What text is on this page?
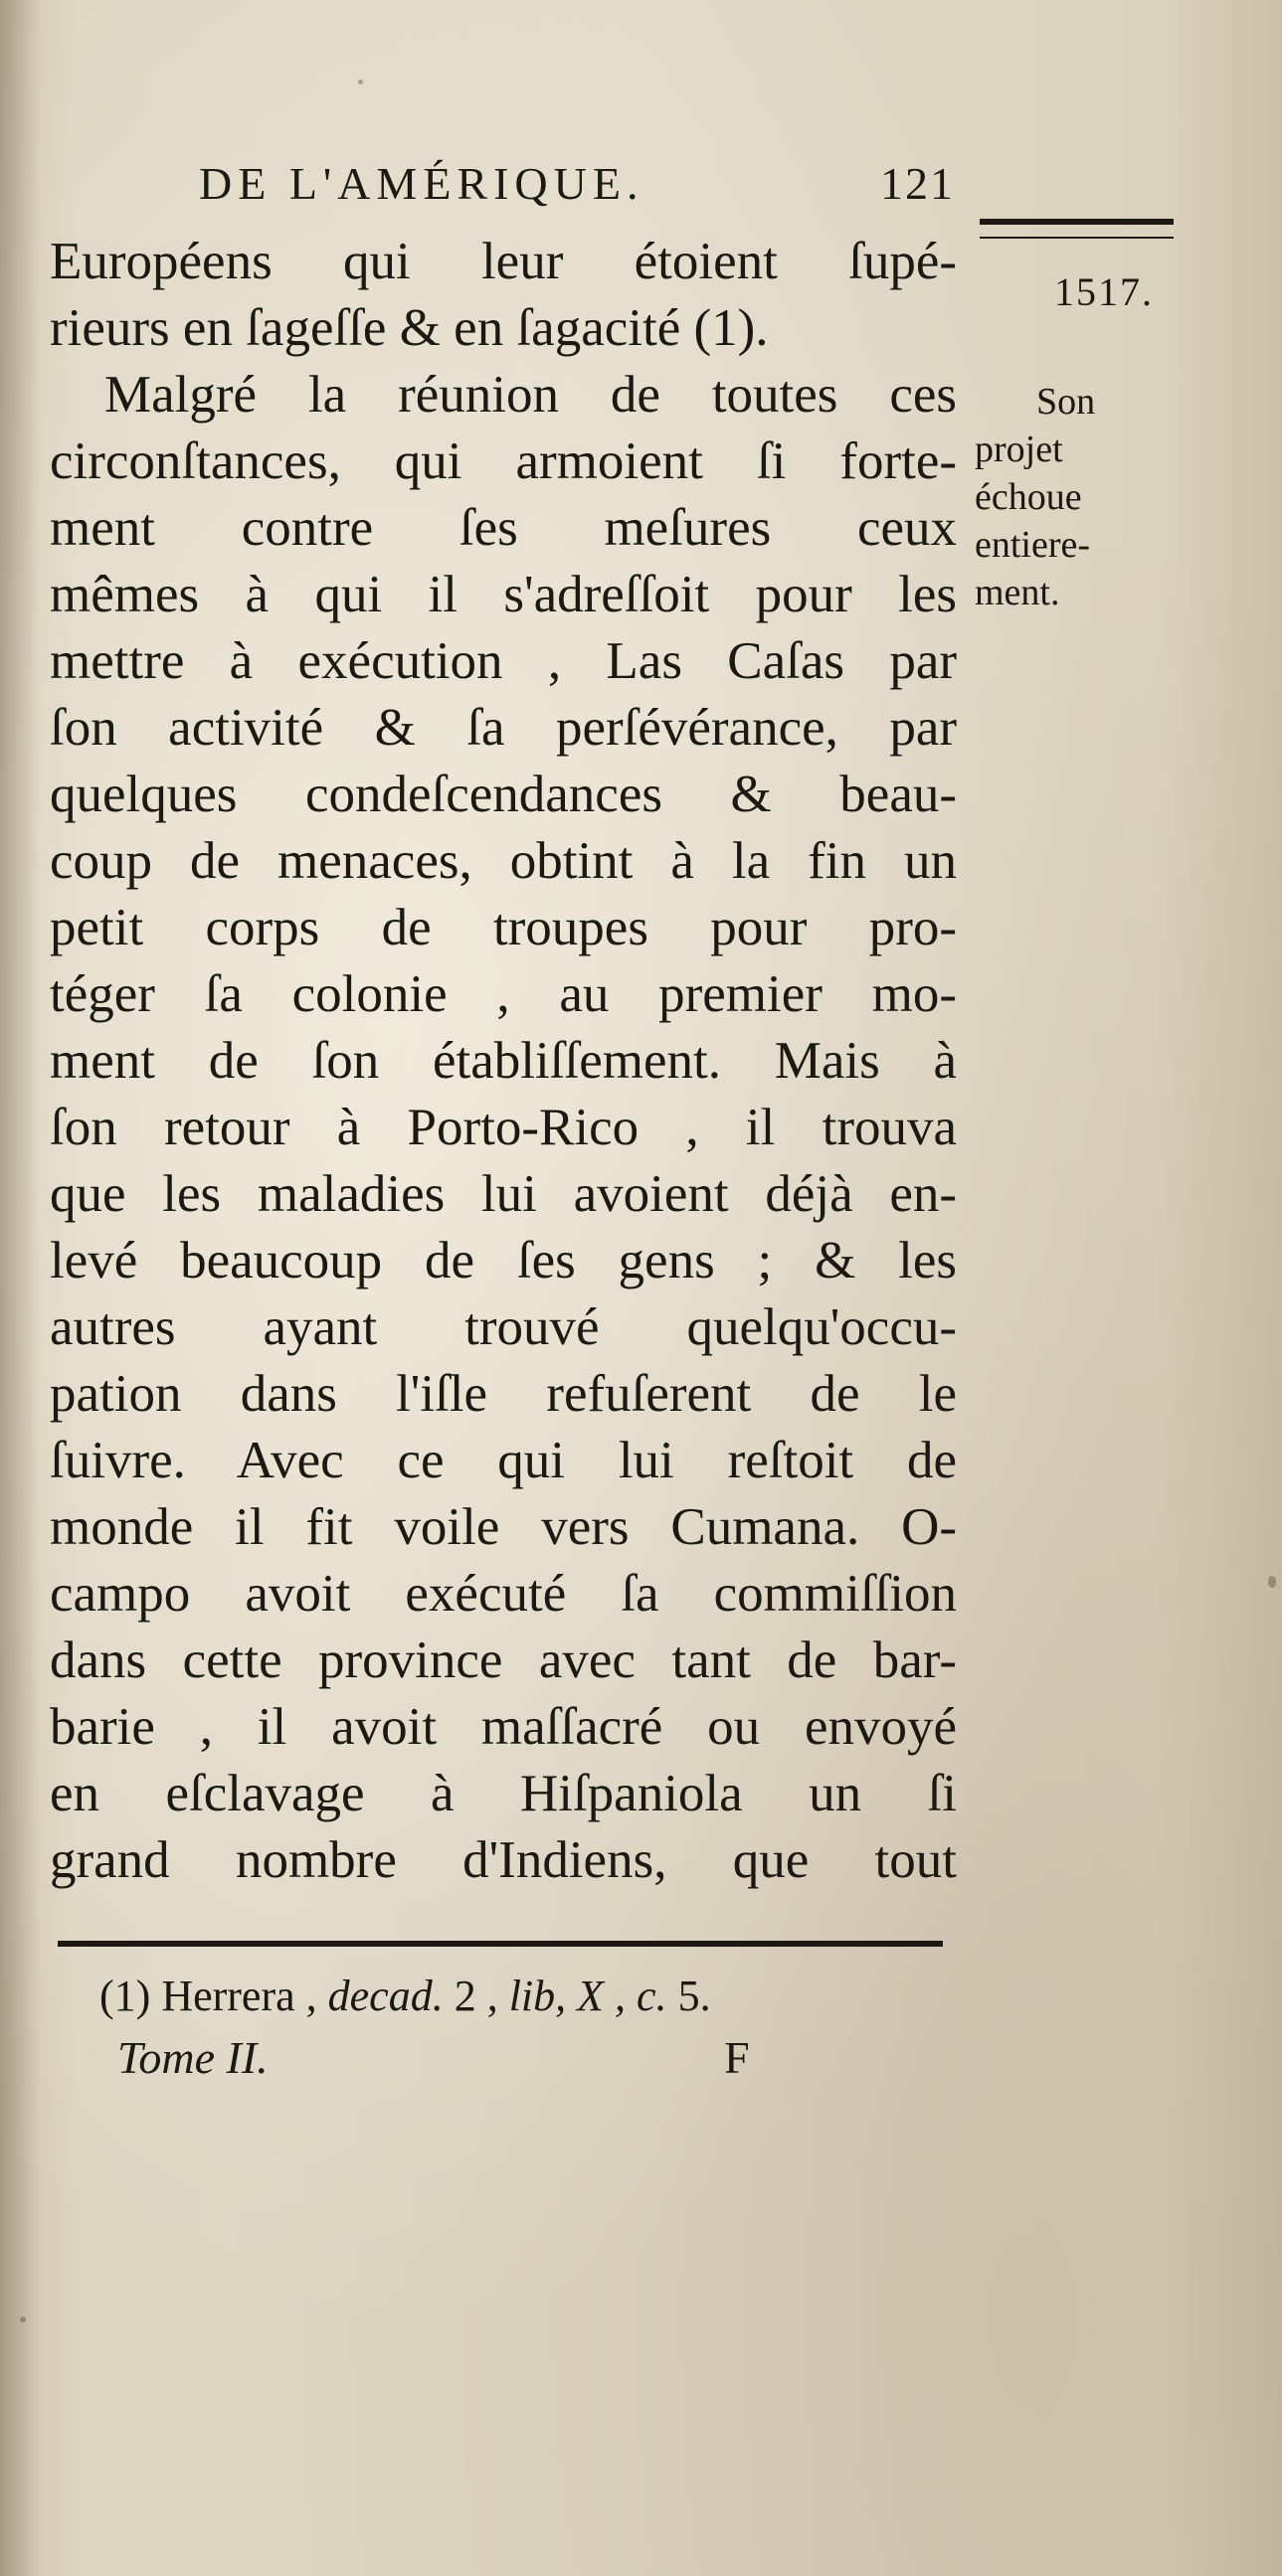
DE L'AMÉRIQUE.	121
1517.
Son
projet
échoue
entiere-
ment.
Européens qui leur étoient ſupé-
rieurs en ſageſſe & en ſagacité (1).
Malgré la réunion de toutes ces
circonſtances, qui armoient ſi forte-
ment contre ſes meſures ceux
mêmes à qui il s'adreſſoit pour les
mettre à exécution , Las Caſas par
ſon activité & ſa perſévérance, par
quelques condeſcendances & beau-
coup de menaces, obtint à la fin un
petit corps de troupes pour pro-
téger ſa colonie , au premier mo-
ment de ſon établiſſement. Mais à
ſon retour à Porto-Rico , il trouva
que les maladies lui avoient déjà en-
levé beaucoup de ſes gens ; & les
autres ayant trouvé quelqu'occu-
pation dans l'iſle refuſerent de le
ſuivre. Avec ce qui lui reſtoit de
monde il fit voile vers Cumana. O-
campo avoit exécuté ſa commiſſion
dans cette province avec tant de bar-
barie , il avoit maſſacré ou envoyé
en eſclavage à Hiſpaniola un ſi
grand nombre d'Indiens, que tout
(1) Herrera , decad. 2 , lib, X , c. 5.
Tome II.	F
